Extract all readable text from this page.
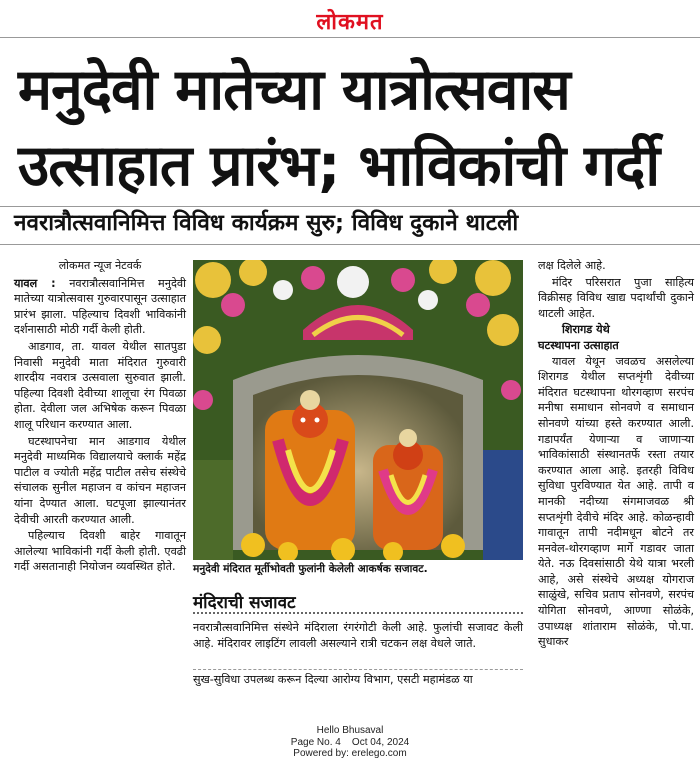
लोकमत
मनुदेवी मातेच्या यात्रोत्सवास
उत्साहात प्रारंभ; भाविकांची गर्दी
नवरात्रौत्सवानिमित्त विविध कार्यक्रम सुरु; विविध दुकाने थाटली
लोकमत न्यूज नेटवर्क

यावल : नवरात्रौत्सवानिमित्त मनुदेवी मातेच्या यात्रोत्सवास गुरुवारपासून उत्साहात प्रारंभ झाला. पहिल्याच दिवशी भाविकांनी दर्शनासाठी मोठी गर्दी केली होती.

आडगाव, ता. यावल येथील सातपुडा निवासी मनुदेवी माता मंदिरात गुरुवारी शारदीय नवरात्र उत्सवाला सुरुवात झाली. पहिल्या दिवशी देवीच्या शालूचा रंग पिवळा होता. देवीला जल अभिषेक करून पिवळा शालू परिधान करण्यात आला.

घटस्थापनेचा मान आडगाव येथील मनुदेवी माध्यमिक विद्यालयाचे क्लार्क महेंद्र पाटील व ज्योती महेंद्र पाटील तसेच संस्थेचे संचालक सुनील महाजन व कांचन महाजन यांना देण्यात आला. घटपूजा झाल्यानंतर देवीची आरती करण्यात आली.

पहिल्याच दिवशी बाहेर गावातून आलेल्या भाविकांनी गर्दी केली होती. एवढी गर्दी असतानाही नियोजन व्यवस्थित होते.	मनुदेवी मंदिरात मूर्तीभोवती फुलांनी केलेली आकर्षक सजावट.
मंदिराची सजावट
नवरात्रौत्सवानिमित्त संस्थेने मंदिराला रंगरंगोटी केली आहे. फुलांची सजावट केली आहे. मंदिरावर लाइटिंग लावली असल्याने रात्री चटकन लक्ष वेधले जाते.
सुख-सुविधा उपलब्ध करून दिल्या आरोग्य विभाग, एसटी महामंडळ या

लक्ष दिलेले आहे.

मंदिर परिसरात पुजा साहित्य विक्रीसह विविध खाद्य पदार्थांची दुकाने थाटली आहेत.

शिरागड येथे
घटस्थापना उत्साहात

यावल येथून जवळच असलेल्या शिरागड येथील सप्तशृंगी देवीच्या मंदिरात घटस्थापना थोरगव्हाण सरपंच मनीषा समाधान सोनवणे व समाधान सोनवणे यांच्या हस्ते करण्यात आली. गडापर्यंत येणाऱ्या व जाणाऱ्या भाविकांसाठी संस्थानतर्फे रस्ता तयार करण्यात आला आहे. इतरही विविध सुविधा पुरविण्यात येत आहे. तापी व मानकी नदीच्या संगमाजवळ श्री सप्तशृंगी देवीचे मंदिर आहे. कोळन्हावी गावातून तापी नदीमधून बोटने तर मनवेल-थोरगव्हाण मार्गे गडावर जाता येते. नऊ दिवसांसाठी येथे यात्रा भरली आहे, असे संस्थेचे अध्यक्ष योगराज साळुंखे, सचिव प्रताप सोनवणे, सरपंच योगिता सोनवणे, आण्णा सोळंके, उपाध्यक्ष शांताराम सोळंके, पो.पा. सुधाकर

Hello Bhusaval
Page No. 4    Oct 04, 2024
Powered by: erelego.com
